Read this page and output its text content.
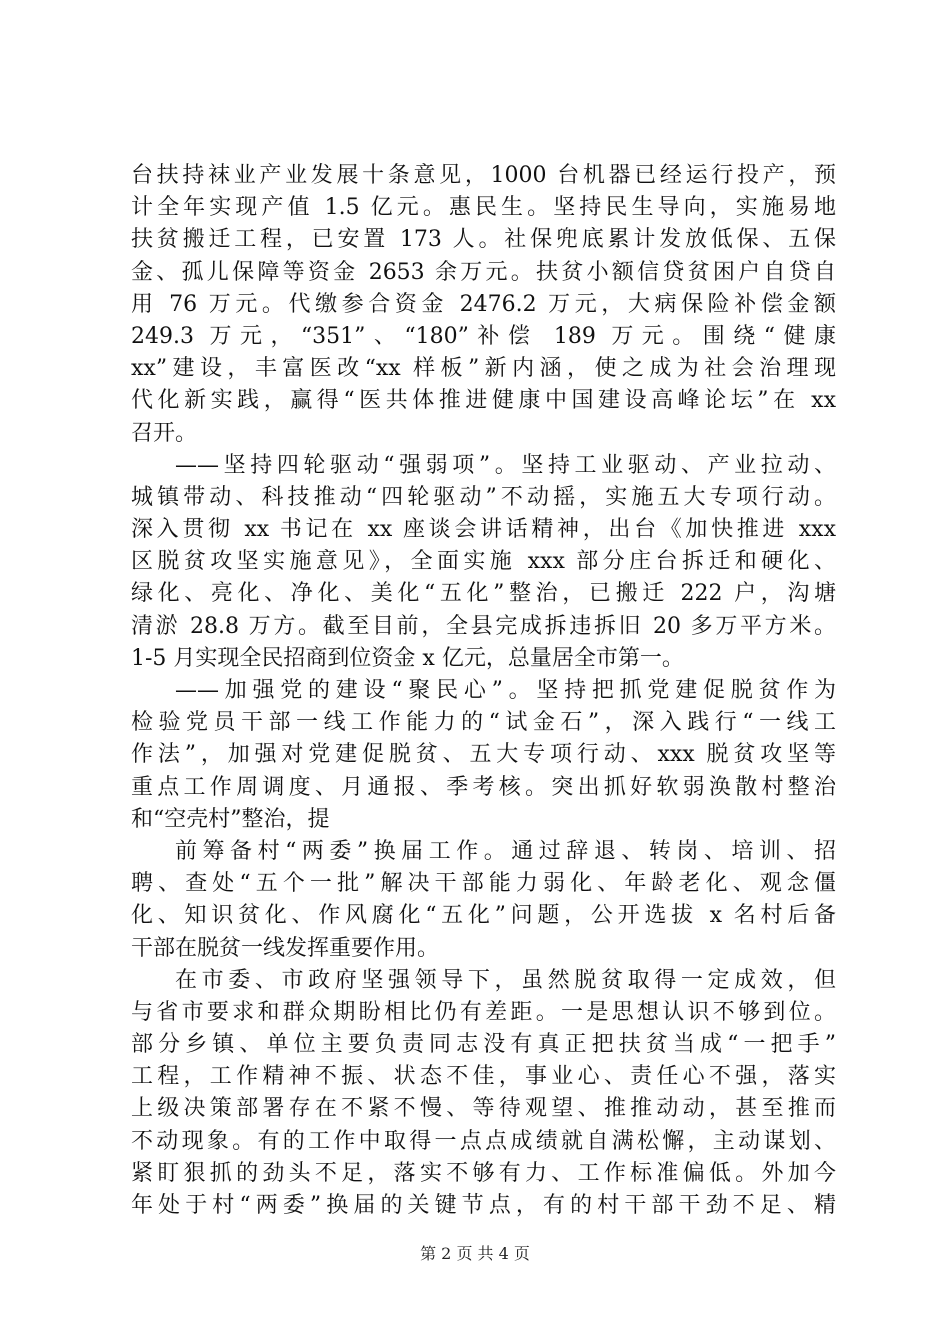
台扶持袜业产业发展十条意见，1000 台机器已经运行投产，预
计全年实现产值 1.5 亿元。惠民生。坚持民生导向，实施易地
扶贫搬迁工程，已安置 173 人。社保兜底累计发放低保、五保
金、孤儿保障等资金 2653 余万元。扶贫小额信贷贫困户自贷自
用 76 万元。代缴参合资金 2476.2 万元，大病保险补偿金额
249.3 万元，“351”、“180”补偿 189 万元。围绕“健康
xx”建设，丰富医改“xx 样板”新内涵，使之成为社会治理现
代化新实践，赢得“医共体推进健康中国建设高峰论坛”在 xx
召开。
——坚持四轮驱动“强弱项”。坚持工业驱动、产业拉动、
城镇带动、科技推动“四轮驱动”不动摇，实施五大专项行动。
深入贯彻 xx 书记在 xx 座谈会讲话精神，出台《加快推进 xxx
区脱贫攻坚实施意见》，全面实施 xxx 部分庄台拆迁和硬化、
绿化、亮化、净化、美化“五化”整治，已搬迁 222 户，沟塘
清淤 28.8 万方。截至目前，全县完成拆违拆旧 20 多万平方米。
1-5 月实现全民招商到位资金 x 亿元，总量居全市第一。
——加强党的建设“聚民心”。坚持把抓党建促脱贫作为
检验党员干部一线工作能力的“试金石”，深入践行“一线工
作法”，加强对党建促脱贫、五大专项行动、xxx 脱贫攻坚等
重点工作周调度、月通报、季考核。突出抓好软弱涣散村整治
和“空壳村”整治，提
前筹备村“两委”换届工作。通过辞退、转岗、培训、招
聘、查处“五个一批”解决干部能力弱化、年龄老化、观念僵
化、知识贫化、作风腐化“五化”问题，公开选拔 x 名村后备
干部在脱贫一线发挥重要作用。
在市委、市政府坚强领导下，虽然脱贫取得一定成效，但
与省市要求和群众期盼相比仍有差距。一是思想认识不够到位。
部分乡镇、单位主要负责同志没有真正把扶贫当成“一把手”
工程，工作精神不振、状态不佳，事业心、责任心不强，落实
上级决策部署存在不紧不慢、等待观望、推推动动，甚至推而
不动现象。有的工作中取得一点点成绩就自满松懈，主动谋划、
紧盯狠抓的劲头不足，落实不够有力、工作标准偏低。外加今
年处于村“两委”换届的关键节点，有的村干部干劲不足、精
第 2 页 共 4 页
